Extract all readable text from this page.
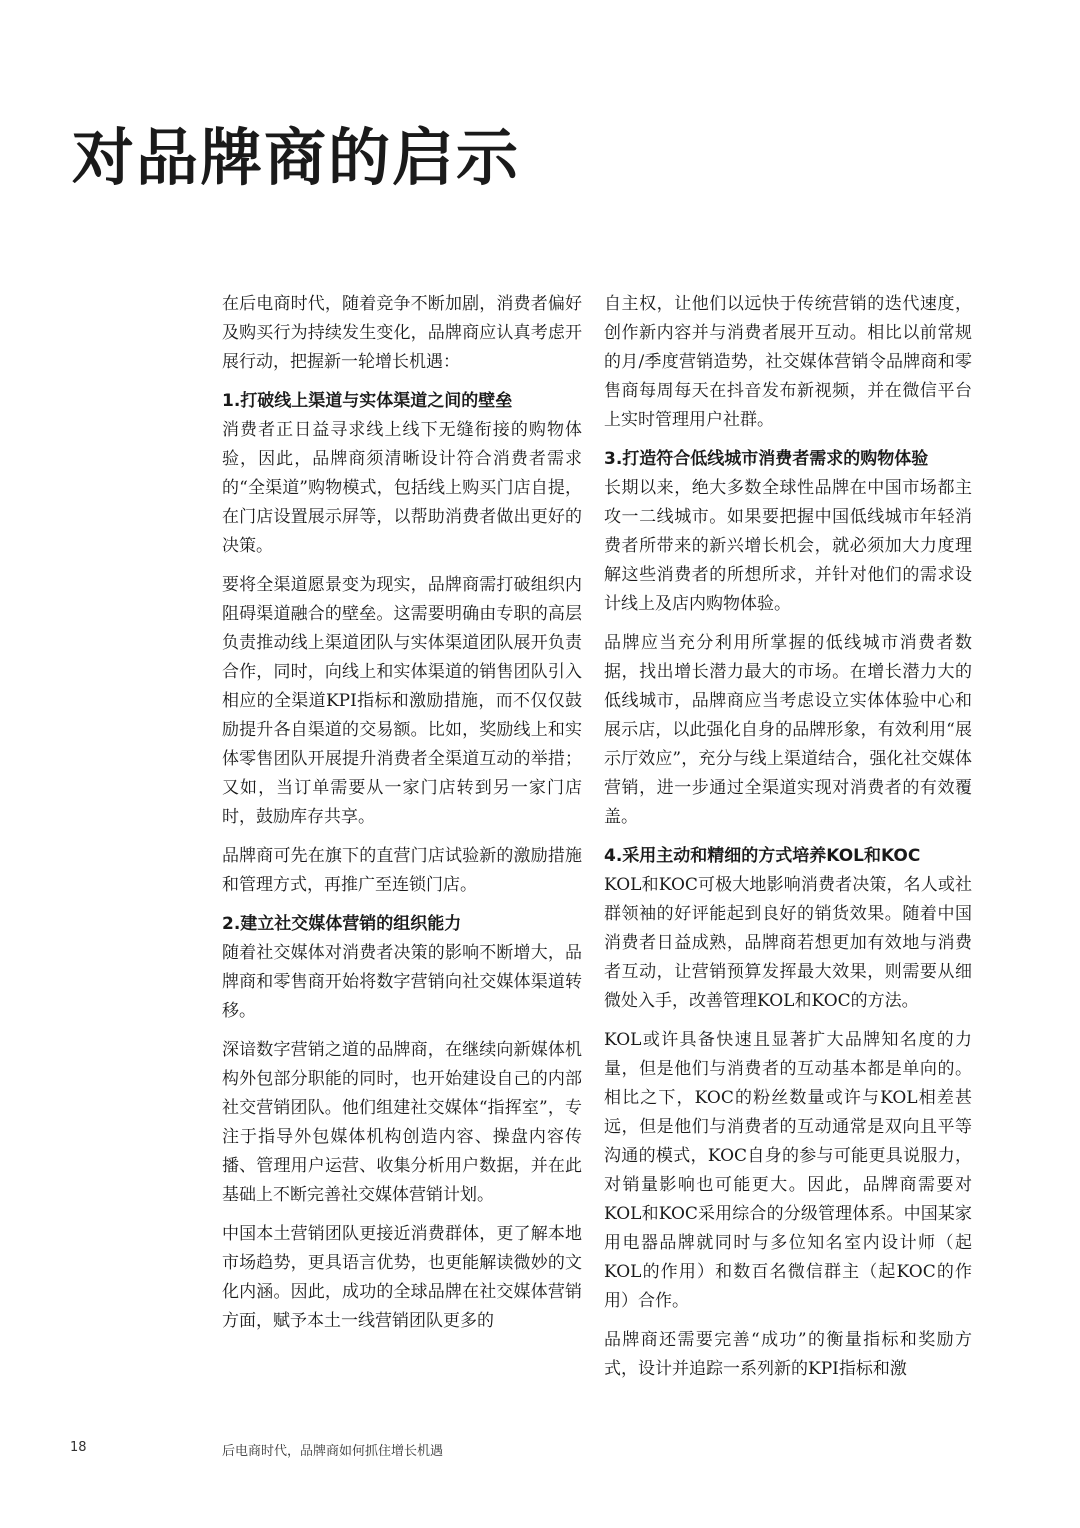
对品牌商的启示

在后电商时代，随着竞争不断加剧，消费者偏好及购买行为持续发生变化，品牌商应认真考虑开展行动，把握新一轮增长机遇：

1.打破线上渠道与实体渠道之间的壁垒

消费者正日益寻求线上线下无缝衔接的购物体验，因此，品牌商须清晰设计符合消费者需求的“全渠道”购物模式，包括线上购买门店自提，在门店设置展示屏等，以帮助消费者做出更好的决策。

要将全渠道愿景变为现实，品牌商需打破组织内阻碍渠道融合的壁垒。这需要明确由专职的高层负责推动线上渠道团队与实体渠道团队展开负责合作，同时，向线上和实体渠道的销售团队引入相应的全渠道KPI指标和激励措施，而不仅仅鼓励提升各自渠道的交易额。比如，奖励线上和实体零售团队开展提升消费者全渠道互动的举措；又如，当订单需要从一家门店转到另一家门店时，鼓励库存共享。

品牌商可先在旗下的直营门店试验新的激励措施和管理方式，再推广至连锁门店。

2.建立社交媒体营销的组织能力

随着社交媒体对消费者决策的影响不断增大，品牌商和零售商开始将数字营销向社交媒体渠道转移。

深谙数字营销之道的品牌商，在继续向新媒体机构外包部分职能的同时，也开始建设自己的内部社交营销团队。他们组建社交媒体“指挥室”，专注于指导外包媒体机构创造内容、操盘内容传播、管理用户运营、收集分析用户数据，并在此基础上不断完善社交媒体营销计划。

中国本土营销团队更接近消费群体，更了解本地市场趋势，更具语言优势，也更能解读微妙的文化内涵。因此，成功的全球品牌在社交媒体营销方面，赋予本土一线营销团队更多的

自主权，让他们以远快于传统营销的迭代速度，创作新内容并与消费者展开互动。相比以前常规的月/季度营销造势，社交媒体营销令品牌商和零售商每周每天在抖音发布新视频，并在微信平台上实时管理用户社群。

3.打造符合低线城市消费者需求的购物体验

长期以来，绝大多数全球性品牌在中国市场都主攻一二线城市。如果要把握中国低线城市年轻消费者所带来的新兴增长机会，就必须加大力度理解这些消费者的所想所求，并针对他们的需求设计线上及店内购物体验。

品牌应当充分利用所掌握的低线城市消费者数据，找出增长潜力最大的市场。在增长潜力大的低线城市，品牌商应当考虑设立实体体验中心和展示店，以此强化自身的品牌形象，有效利用“展示厅效应”，充分与线上渠道结合，强化社交媒体营销，进一步通过全渠道实现对消费者的有效覆盖。

4.采用主动和精细的方式培养KOL和KOC

KOL和KOC可极大地影响消费者决策，名人或社群领袖的好评能起到良好的销货效果。随着中国消费者日益成熟，品牌商若想更加有效地与消费者互动，让营销预算发挥最大效果，则需要从细微处入手，改善管理KOL和KOC的方法。

KOL或许具备快速且显著扩大品牌知名度的力量，但是他们与消费者的互动基本都是单向的。相比之下，KOC的粉丝数量或许与KOL相差甚远，但是他们与消费者的互动通常是双向且平等沟通的模式，KOC自身的参与可能更具说服力，对销量影响也可能更大。因此，品牌商需要对KOL和KOC采用综合的分级管理体系。中国某家用电器品牌就同时与多位知名室内设计师（起KOL的作用）和数百名微信群主（起KOC的作用）合作。

品牌商还需要完善“成功”的衡量指标和奖励方式，设计并追踪一系列新的KPI指标和激

18	后电商时代，品牌商如何抓住增长机遇
